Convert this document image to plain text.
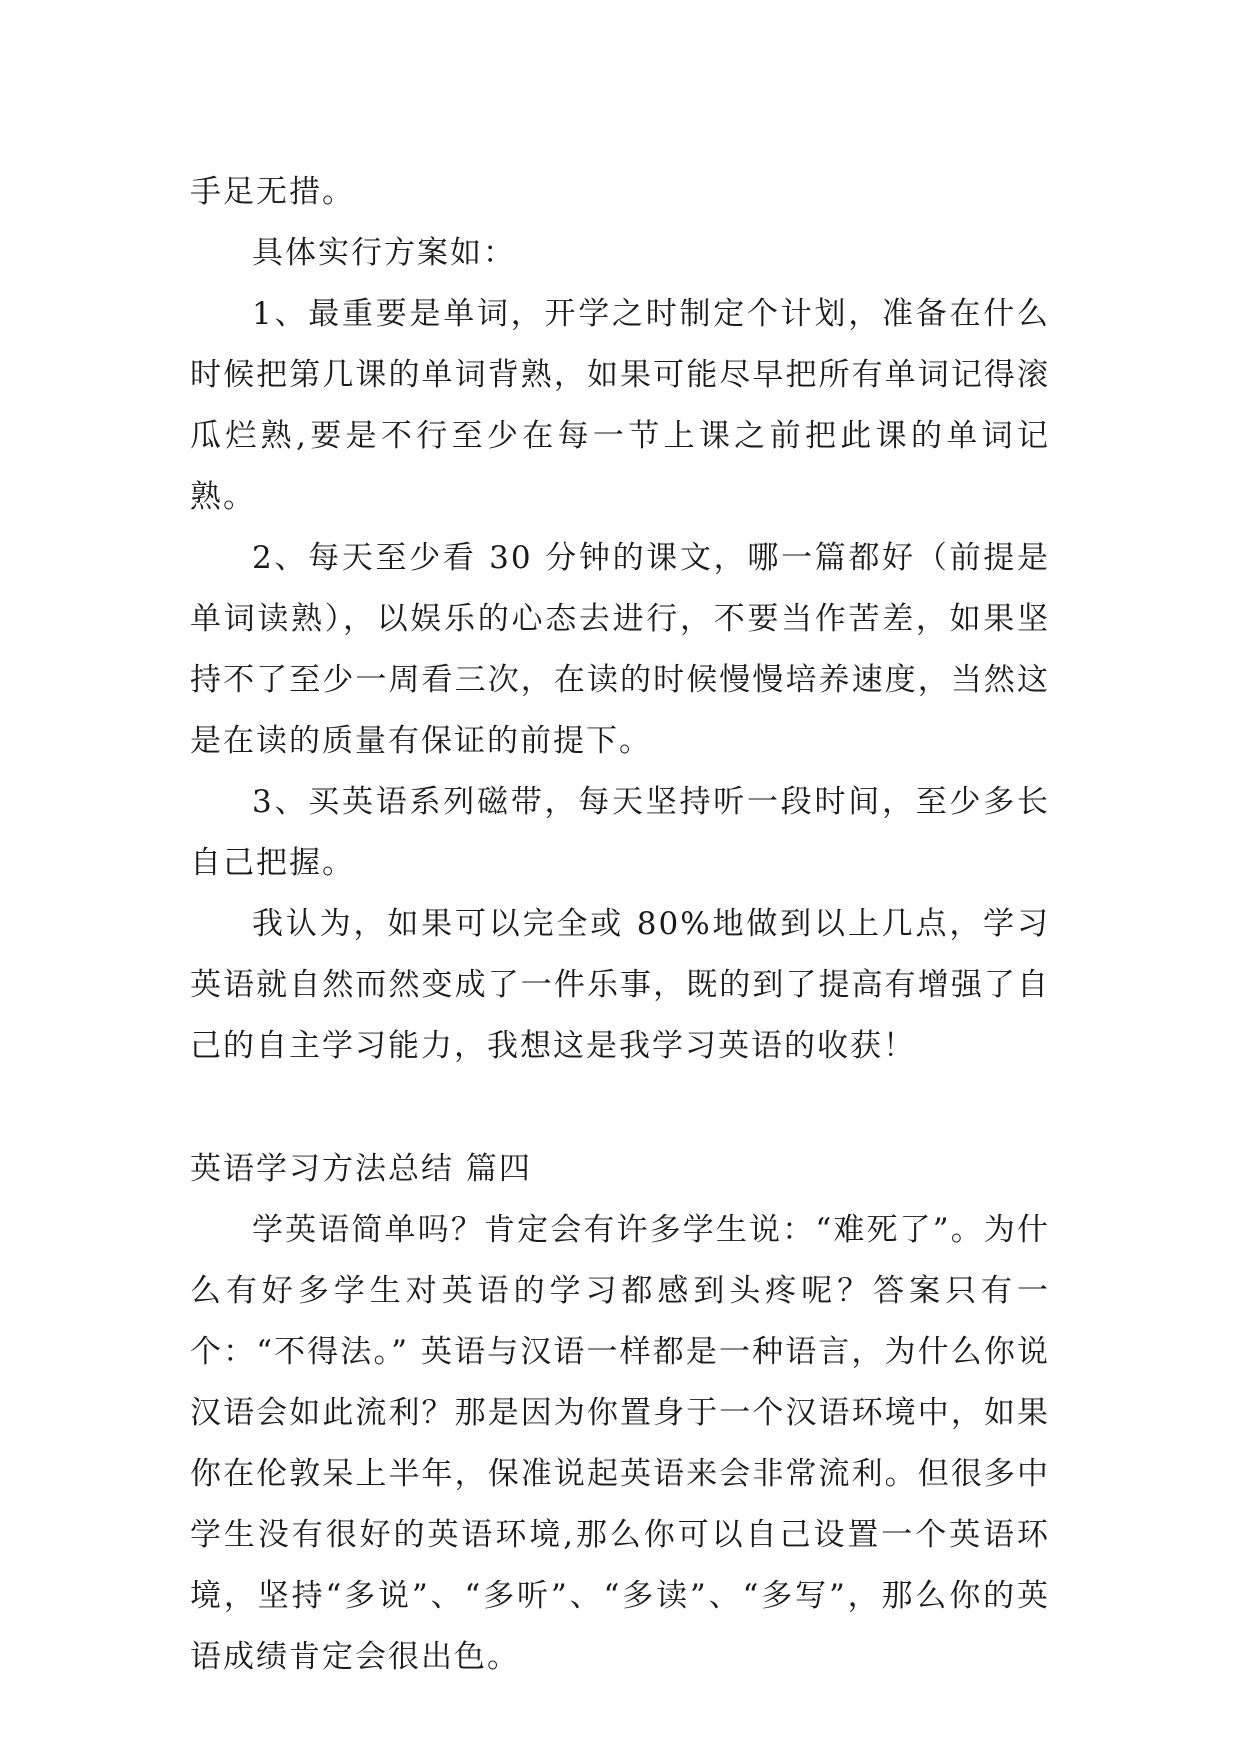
手足无措。

具体实行方案如：

1、最重要是单词，开学之时制定个计划，准备在什么时候把第几课的单词背熟，如果可能尽早把所有单词记得滚瓜烂熟,要是不行至少在每一节上课之前把此课的单词记熟。

2、每天至少看 30 分钟的课文，哪一篇都好（前提是单词读熟），以娱乐的心态去进行，不要当作苦差，如果坚持不了至少一周看三次，在读的时候慢慢培养速度，当然这是在读的质量有保证的前提下。

3、买英语系列磁带，每天坚持听一段时间，至少多长自己把握。

我认为，如果可以完全或 80%地做到以上几点，学习英语就自然而然变成了一件乐事，既的到了提高有增强了自己的自主学习能力，我想这是我学习英语的收获！

英语学习方法总结 篇四

学英语简单吗？肯定会有许多学生说：“难死了”。为什么有好多学生对英语的学习都感到头疼呢？答案只有一个：“不得法。” 英语与汉语一样都是一种语言，为什么你说汉语会如此流利？那是因为你置身于一个汉语环境中，如果你在伦敦呆上半年，保准说起英语来会非常流利。但很多中学生没有很好的英语环境,那么你可以自己设置一个英语环境，坚持“多说”、“多听”、“多读”、“多写”，那么你的英语成绩肯定会很出色。
